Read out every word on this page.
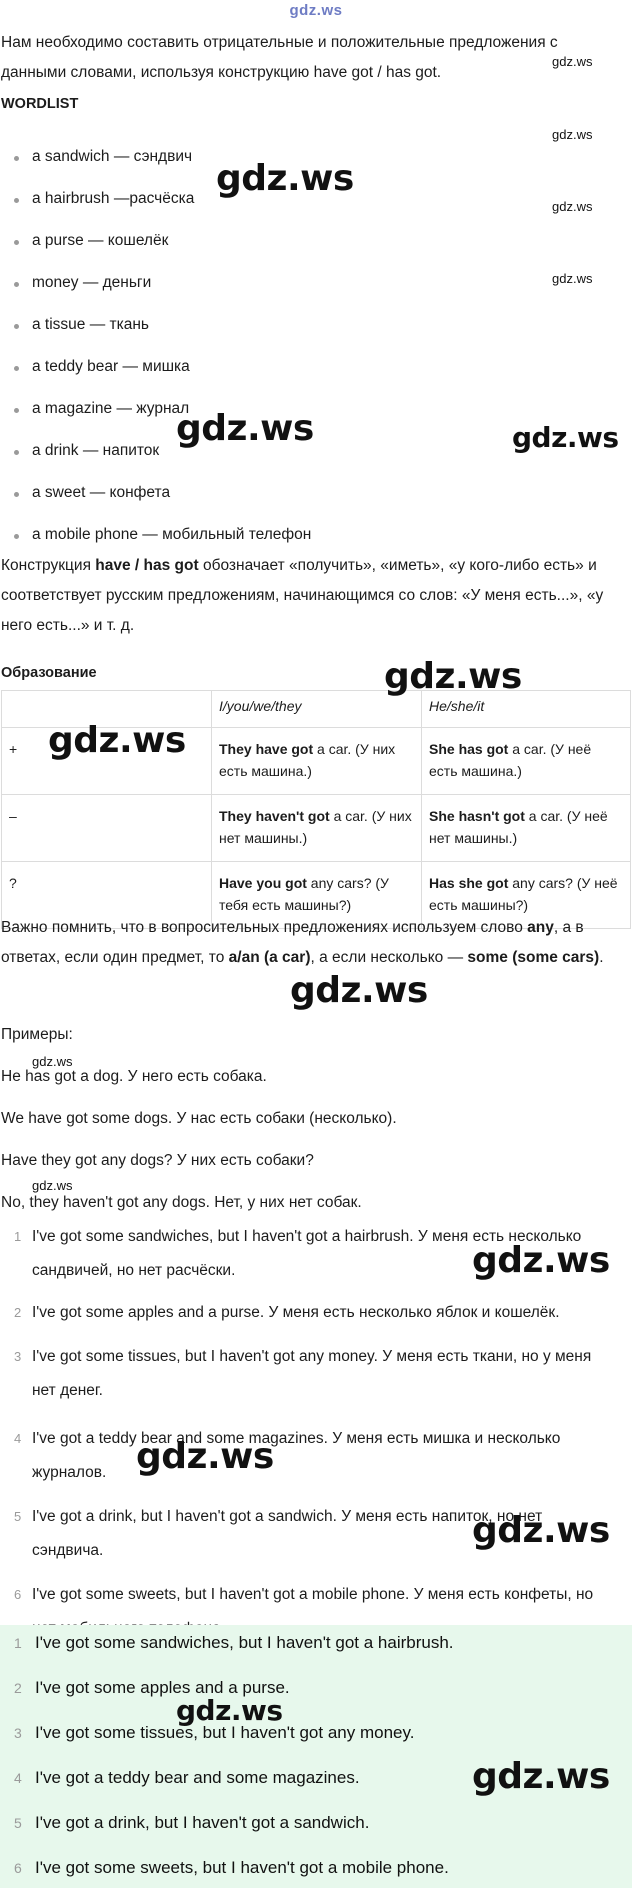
gdz.ws
Нам необходимо составить отрицательные и положительные предложения с данными словами, используя конструкцию have got / has got.
WORDLIST
a sandwich — сэндвич
a hairbrush —расчёска
a purse — кошелёк
money — деньги
a tissue — ткань
a teddy bear — мишка
a magazine — журнал
a drink — напиток
a sweet — конфета
a mobile phone — мобильный телефон
Конструкция have / has got обозначает «получить», «иметь», «у кого-либо есть» и соответствует русским предложениям, начинающимся со слов: «У меня есть...», «у него есть...» и т. д.
Образование
	I/you/we/they	He/she/it
+	They have got a car. (У них есть машина.)	She has got a car. (У неё есть машина.)
–	They haven't got a car. (У них нет машины.)	She hasn't got a car. (У неё нет машины.)
?	Have you got any cars? (У тебя есть машины?)	Has she got any cars? (У неё есть машины?)
Важно помнить, что в вопросительных предложениях используем слово any, а в ответах, если один предмет, то a/an (a car), а если несколько — some (some cars).
Примеры:
He has got a dog. У него есть собака.
We have got some dogs. У нас есть собаки (несколько).
Have they got any dogs? У них есть собаки?
No, they haven't got any dogs. Нет, у них нет собак.
1 I've got some sandwiches, but I haven't got a hairbrush. У меня есть несколько сандвичей, но нет расчёски.
2 I've got some apples and a purse. У меня есть несколько яблок и кошелёк.
3 I've got some tissues, but I haven't got any money. У меня есть ткани, но у меня нет денег.
4 I've got a teddy bear and some magazines. У меня есть мишка и несколько журналов.
5 I've got a drink, but I haven't got a sandwich. У меня есть напиток, но нет сэндвича.
6 I've got some sweets, but I haven't got a mobile phone. У меня есть конфеты, но
1 I've got some sandwiches, but I haven't got a hairbrush.
2 I've got some apples and a purse.
3 I've got some tissues, but I haven't got any money.
4 I've got a teddy bear and some magazines.
5 I've got a drink, but I haven't got a sandwich.
6 I've got some sweets, but I haven't got a mobile phone.
gdz.ws
gdz.ws
gdz.ws
gdz.ws
gdz.ws
gdz.ws	gdz.ws
gdz.ws
gdz.ws
gdz.ws
gdz.ws
gdz.ws
gdz.ws
gdz.ws
gdz.ws
gdz.ws
gdz.ws
